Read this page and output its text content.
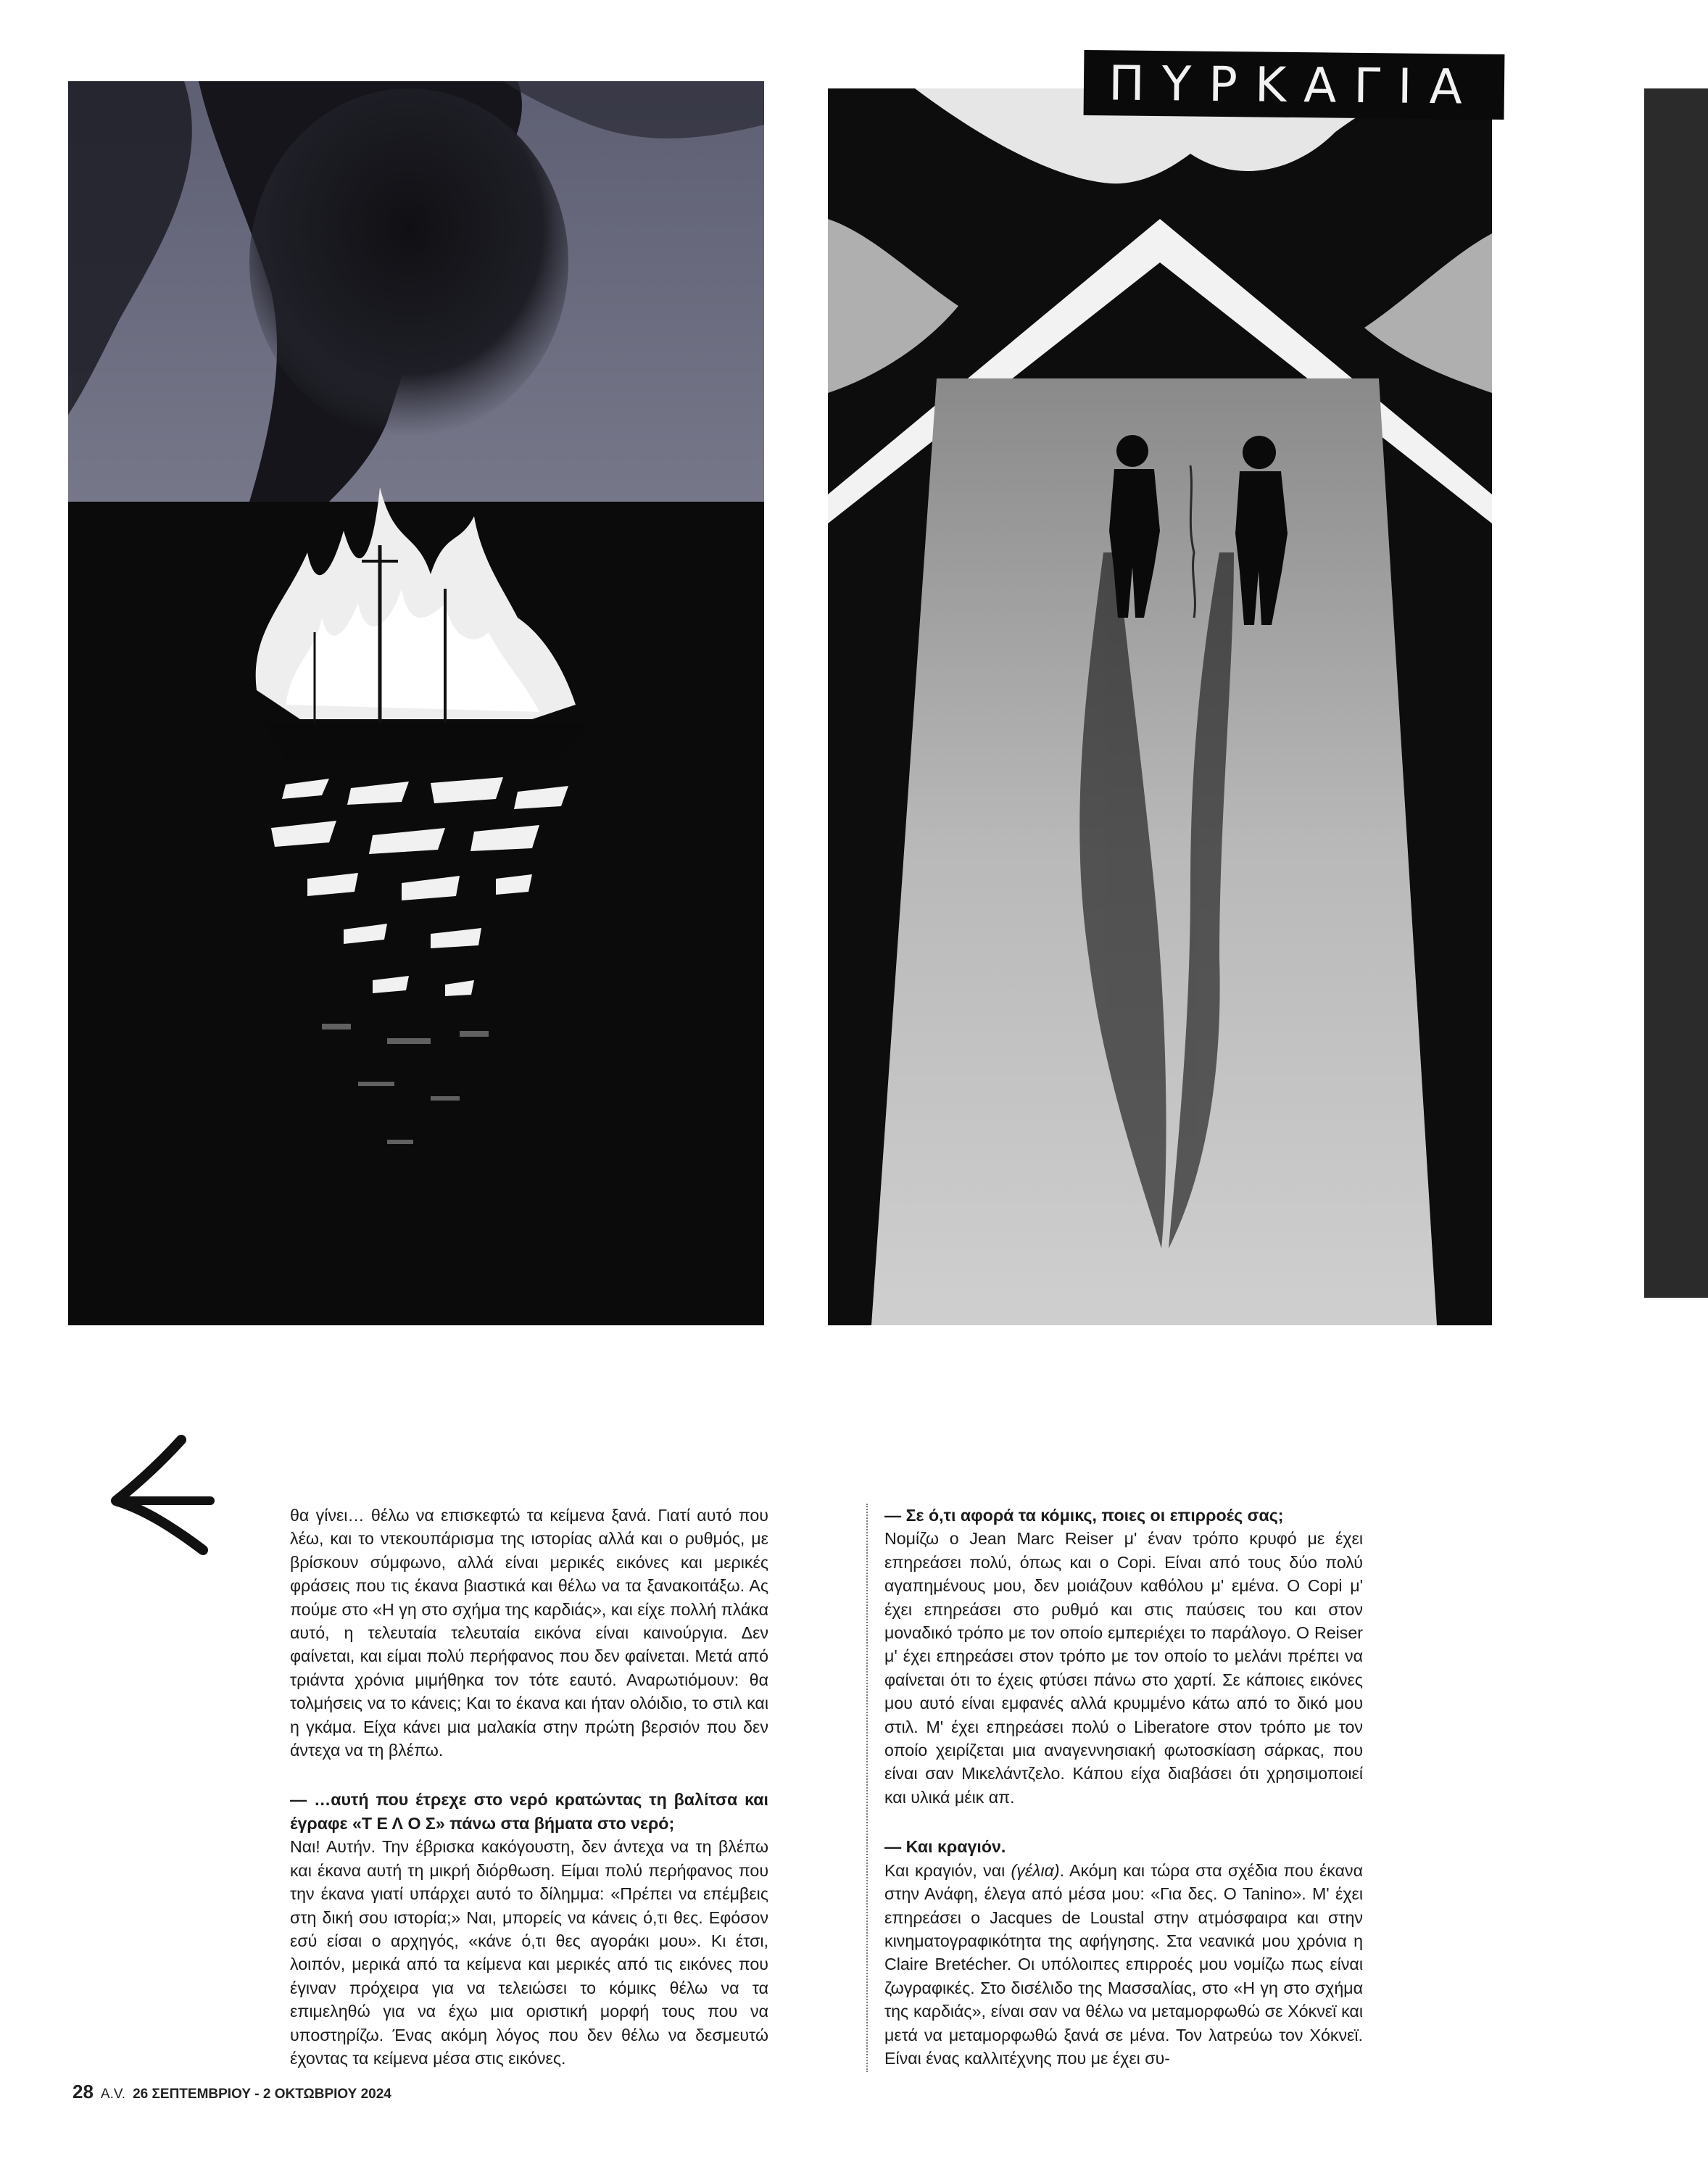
ΠΥΡΚΑΓΙΑ

θα γίνει… θέλω να επισκεφτώ τα κείμενα ξανά. Γιατί αυτό που λέω, και το ντεκουπάρισμα της ιστορίας αλλά και ο ρυθμός, με βρίσκουν σύμφωνο, αλλά είναι μερικές εικόνες και μερικές φράσεις που τις έκανα βιαστικά και θέλω να τα ξανακοιτάξω. Ας πούμε στο «Η γη στο σχήμα της καρδιάς», και είχε πολλή πλάκα αυτό, η τελευταία τελευταία εικόνα είναι καινούργια. Δεν φαίνεται, και είμαι πολύ περήφανος που δεν φαίνεται. Μετά από τριάντα χρόνια μιμήθηκα τον τότε εαυτό. Αναρωτιόμουν: θα τολμήσεις να το κάνεις; Και το έκανα και ήταν ολόιδιο, το στιλ και η γκάμα. Είχα κάνει μια μαλακία στην πρώτη βερσιόν που δεν άντεχα να τη βλέπω.

— …αυτή που έτρεχε στο νερό κρατώντας τη βαλίτσα και έγραφε «Τ Ε Λ Ο Σ» πάνω στα βήματα στο νερό;

Ναι! Αυτήν. Την έβρισκα κακόγουστη, δεν άντεχα να τη βλέπω και έκανα αυτή τη μικρή διόρθωση. Είμαι πολύ περήφανος που την έκανα γιατί υπάρχει αυτό το δίλημμα: «Πρέπει να επέμβεις στη δική σου ιστορία;» Ναι, μπορείς να κάνεις ό,τι θες. Εφόσον εσύ είσαι ο αρχηγός, «κάνε ό,τι θες αγοράκι μου». Κι έτσι, λοιπόν, μερικά από τα κείμενα και μερικές από τις εικόνες που έγιναν πρόχειρα για να τελειώσει το κόμικς θέλω να τα επιμεληθώ για να έχω μια οριστική μορφή τους που να υποστηρίζω. Ένας ακόμη λόγος που δεν θέλω να δεσμευτώ έχοντας τα κείμενα μέσα στις εικόνες.

— Σε ό,τι αφορά τα κόμικς, ποιες οι επιρροές σας;

Νομίζω ο Jean Marc Reiser μ' έναν τρόπο κρυφό με έχει επηρεάσει πολύ, όπως και ο Copi. Είναι από τους δύο πολύ αγαπημένους μου, δεν μοιάζουν καθόλου μ' εμένα. Ο Copi μ' έχει επηρεάσει στο ρυθμό και στις παύσεις του και στον μοναδικό τρόπο με τον οποίο εμπεριέχει το παράλογο. Ο Reiser μ' έχει επηρεάσει στον τρόπο με τον οποίο το μελάνι πρέπει να φαίνεται ότι το έχεις φτύσει πάνω στο χαρτί. Σε κάποιες εικόνες μου αυτό είναι εμφανές αλλά κρυμμένο κάτω από το δικό μου στιλ. Μ' έχει επηρεάσει πολύ ο Liberatore στον τρόπο με τον οποίο χειρίζεται μια αναγεννησιακή φωτοσκίαση σάρκας, που είναι σαν Μικελάντζελο. Κάπου είχα διαβάσει ότι χρησιμοποιεί και υλικά μέικ απ.

— Και κραγιόν.

Και κραγιόν, ναι (γέλια). Ακόμη και τώρα στα σχέδια που έκανα στην Ανάφη, έλεγα από μέσα μου: «Για δες. Ο Tanino». Μ' έχει επηρεάσει ο Jacques de Loustal στην ατμόσφαιρα και στην κινηματογραφικότητα της αφήγησης. Στα νεανικά μου χρόνια η Claire Bretécher. Οι υπόλοιπες επιρροές μου νομίζω πως είναι ζωγραφικές. Στο δισέλιδο της Μασσαλίας, στο «Η γη στο σχήμα της καρδιάς», είναι σαν να θέλω να μεταμορφωθώ σε Χόκνεϊ και μετά να μεταμορφωθώ ξανά σε μένα. Τον λατρεύω τον Χόκνεϊ. Είναι ένας καλλιτέχνης που με έχει συ-

28 A.V. 26 ΣΕΠΤΕΜΒΡΙΟΥ - 2 ΟΚΤΩΒΡΙΟΥ 2024
